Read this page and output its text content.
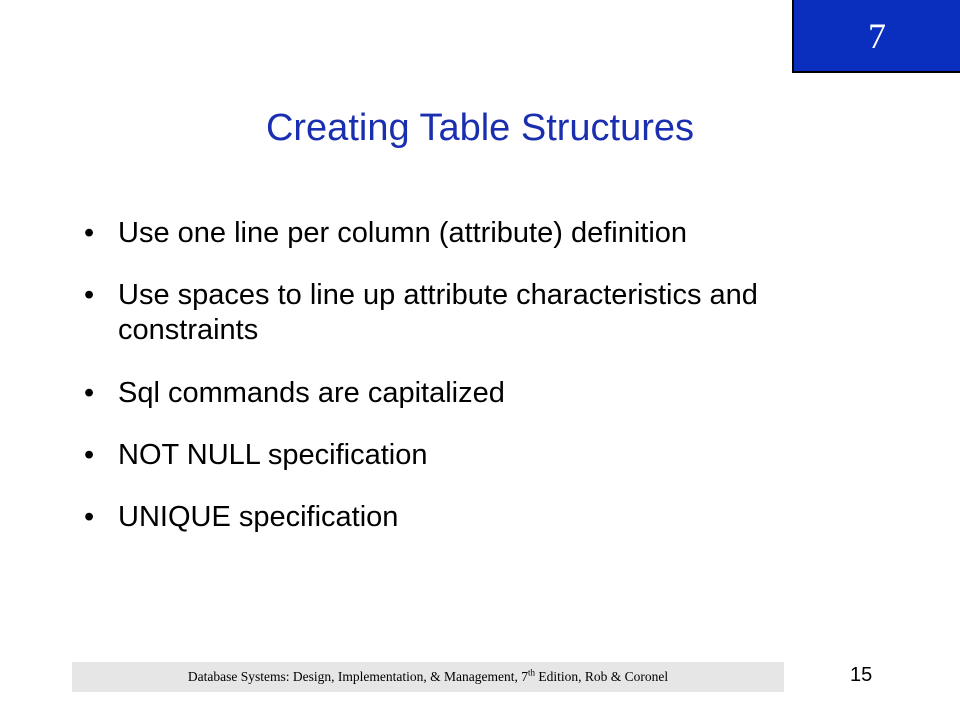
7
Creating Table Structures
• Use one line per column (attribute) definition
• Use spaces to line up attribute characteristics and constraints
• Sql commands are capitalized
• NOT NULL specification
• UNIQUE specification
Database Systems: Design, Implementation, & Management, 7th Edition, Rob & Coronel	15
